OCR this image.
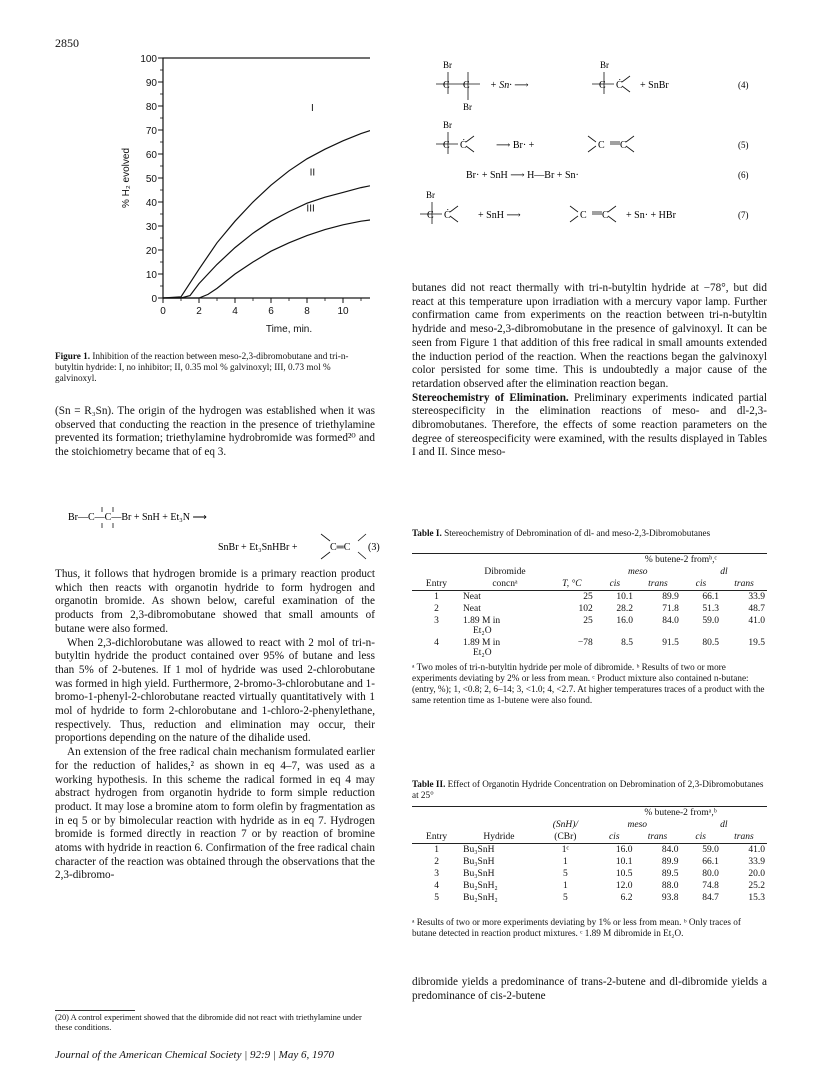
2850
0
10
20
30
40
50
60
70
80
90
100
0	2	4	6	8	10
Time, min.
% H₂ evolved
I
II
III
Figure 1. Inhibition of the reaction between meso-2,3-dibromobutane and tri-n-butyltin hydride: I, no inhibitor; II, 0.35 mol % galvinoxyl; III, 0.73 mol % galvinoxyl.

(Sn = R₃Sn). The origin of the hydrogen was established when it was observed that conducting the reaction in the presence of triethylamine prevented its formation; triethylamine hydrobromide was formed²⁰ and the stoichiometry became that of eq 3.

Br—C—C—Br + SnH + Et₃N ⟶
SnBr + Et₃SnHBr +	C═C (3)

Thus, it follows that hydrogen bromide is a primary reaction product which then reacts with organotin hydride to form hydrogen and organotin bromide. As shown below, careful examination of the products from 2,3-dibromobutane showed that small amounts of butane were also formed.

When 2,3-dichlorobutane was allowed to react with 2 mol of tri-n-butyltin hydride the product contained over 95% of butane and less than 5% of 2-butenes. If 1 mol of hydride was used 2-chlorobutane was formed in high yield. Furthermore, 2-bromo-3-chlorobutane and 1-bromo-1-phenyl-2-chlorobutane reacted virtually quantitatively with 1 mol of hydride to form 2-chlorobutane and 1-chloro-2-phenylethane, respectively. Thus, reduction and elimination may occur, their proportions depending on the nature of the dihalide used.

An extension of the free radical chain mechanism formulated earlier for the reduction of halides,² as shown in eq 4–7, was used as a working hypothesis. In this scheme the radical formed in eq 4 may abstract hydrogen from organotin hydride to form simple reduction product. It may lose a bromine atom to form olefin by fragmentation as in eq 5 or by bimolecular reaction with hydride as in eq 7. Hydrogen bromide is formed directly in reaction 7 or by reaction of bromine atoms with hydride in reaction 6. Confirmation of the free radical chain character of the reaction was obtained through the observations that the 2,3-dibromo-

(20) A control experiment showed that the dibromide did not react with triethylamine under these conditions.
Journal of the American Chemical Society | 92:9 | May 6, 1970
Br	Br
C C
Br
+ Sn· ⟶	C Ċ + SnBr	(4)
Br
C Ċ	⟶ Br· +	C C	(5)
Br· + SnH ⟶ H—Br + Sn·	(6)
Br
C Ċ	+ SnH ⟶	C C + Sn· + HBr	(7)

butanes did not react thermally with tri-n-butyltin hydride at −78°, but did react at this temperature upon irradiation with a mercury vapor lamp. Further confirmation came from experiments on the reaction between tri-n-butyltin hydride and meso-2,3-dibromobutane in the presence of galvinoxyl. It can be seen from Figure 1 that addition of this free radical in small amounts extended the induction period of the reaction. When the reactions began the galvinoxyl color persisted for some time. This is undoubtedly a major cause of the retardation observed after the elimination reaction began.

Stereochemistry of Elimination. Preliminary experiments indicated partial stereospecificity in the elimination reactions of meso- and dl-2,3-dibromobutanes. Therefore, the effects of some reaction parameters on the degree of stereospecificity were examined, with the results displayed in Tables I and II. Since meso-

Table I. Stereochemistry of Debromination of dl- and meso-2,3-Dibromobutanes
			% butene-2 fromᵇ,ᶜ			
	Dibromide		meso		dl	
Entry	concnᵃ	T, °C	cis	trans	cis	trans
1	Neat	25	10.1	89.9	66.1	33.9
2	Neat	102	28.2	71.8	51.3	48.7
3	1.89 M in
Et₂O	25	16.0	84.0	59.0	41.0
4	1.89 M in
Et₂O	−78	8.5	91.5	80.5	19.5
ᵃ Two moles of tri-n-butyltin hydride per mole of dibromide. ᵇ Results of two or more experiments deviating by 2% or less from mean. ᶜ Product mixture also contained n-butane: (entry, %); 1, <0.8; 2, 6–14; 3, <1.0; 4, <2.7. At higher temperatures traces of a product with the same retention time as 1-butene were also found.
Table II. Effect of Organotin Hydride Concentration on Debromination of 2,3-Dibromobutanes at 25°
			% butene-2 fromᵃ,ᵇ			
		(SnH)/	meso		dl	
Entry	Hydride	(CBr)	cis	trans	cis	trans
1	Bu₃SnH	1ᶜ	16.0	84.0	59.0	41.0
2	Bu₃SnH	1	10.1	89.9	66.1	33.9
3	Bu₃SnH	5	10.5	89.5	80.0	20.0
4	Bu₂SnH₂	1	12.0	88.0	74.8	25.2
5	Bu₂SnH₂	5	6.2	93.8	84.7	15.3
ᵃ Results of two or more experiments deviating by 1% or less from mean. ᵇ Only traces of butane detected in reaction product mixtures. ᶜ 1.89 M dibromide in Et₂O.

dibromide yields a predominance of trans-2-butene and dl-dibromide yields a predominance of cis-2-butene
